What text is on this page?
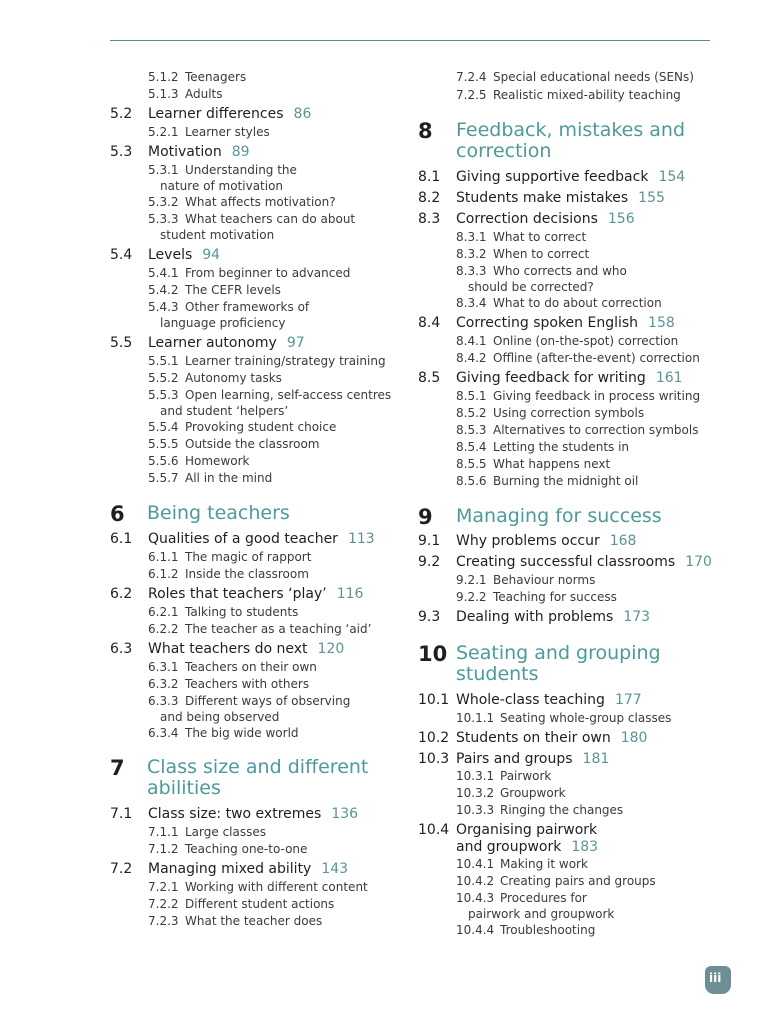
5.1.2 Teenagers
5.1.3 Adults
5.2	Learner differences 86
5.2.1 Learner styles
5.3	Motivation 89
5.3.1 Understanding the
nature of motivation
5.3.2 What affects motivation?
5.3.3 What teachers can do about
student motivation
5.4	Levels 94
5.4.1 From beginner to advanced
5.4.2 The CEFR levels
5.4.3 Other frameworks of
language proficiency
5.5	Learner autonomy 97
5.5.1 Learner training/strategy training
5.5.2 Autonomy tasks
5.5.3 Open learning, self-access centres
and student ‘helpers’
5.5.4 Provoking student choice
5.5.5 Outside the classroom
5.5.6 Homework
5.5.7 All in the mind
6 Being teachers
6.1	Qualities of a good teacher 113
6.1.1 The magic of rapport
6.1.2 Inside the classroom
6.2	Roles that teachers ‘play’ 116
6.2.1 Talking to students
6.2.2 The teacher as a teaching ‘aid’
6.3	What teachers do next 120
6.3.1 Teachers on their own
6.3.2 Teachers with others
6.3.3 Different ways of observing
and being observed
6.3.4 The big wide world
7 Class size and different
abilities
7.1	Class size: two extremes 136
7.1.1 Large classes
7.1.2 Teaching one-to-one
7.2	Managing mixed ability 143
7.2.1 Working with different content
7.2.2 Different student actions
7.2.3 What the teacher does
7.2.4 Special educational needs (SENs)
7.2.5 Realistic mixed-ability teaching
8 Feedback, mistakes and
correction
8.1	Giving supportive feedback 154
8.2	Students make mistakes 155
8.3	Correction decisions 156
8.3.1 What to correct
8.3.2 When to correct
8.3.3 Who corrects and who
should be corrected?
8.3.4 What to do about correction
8.4	Correcting spoken English 158
8.4.1 Online (on-the-spot) correction
8.4.2 Offline (after-the-event) correction
8.5	Giving feedback for writing 161
8.5.1 Giving feedback in process writing
8.5.2 Using correction symbols
8.5.3 Alternatives to correction symbols
8.5.4 Letting the students in
8.5.5 What happens next
8.5.6 Burning the midnight oil
9 Managing for success
9.1	Why problems occur 168
9.2	Creating successful classrooms 170
9.2.1 Behaviour norms
9.2.2 Teaching for success
9.3	Dealing with problems 173
10 Seating and grouping
students
10.1 Whole-class teaching 177
10.1.1 Seating whole-group classes
10.2 Students on their own 180
10.3 Pairs and groups 181
10.3.1 Pairwork
10.3.2 Groupwork
10.3.3 Ringing the changes
10.4 Organising pairwork
and groupwork 183
10.4.1 Making it work
10.4.2 Creating pairs and groups
10.4.3 Procedures for
pairwork and groupwork
10.4.4 Troubleshooting
iii
